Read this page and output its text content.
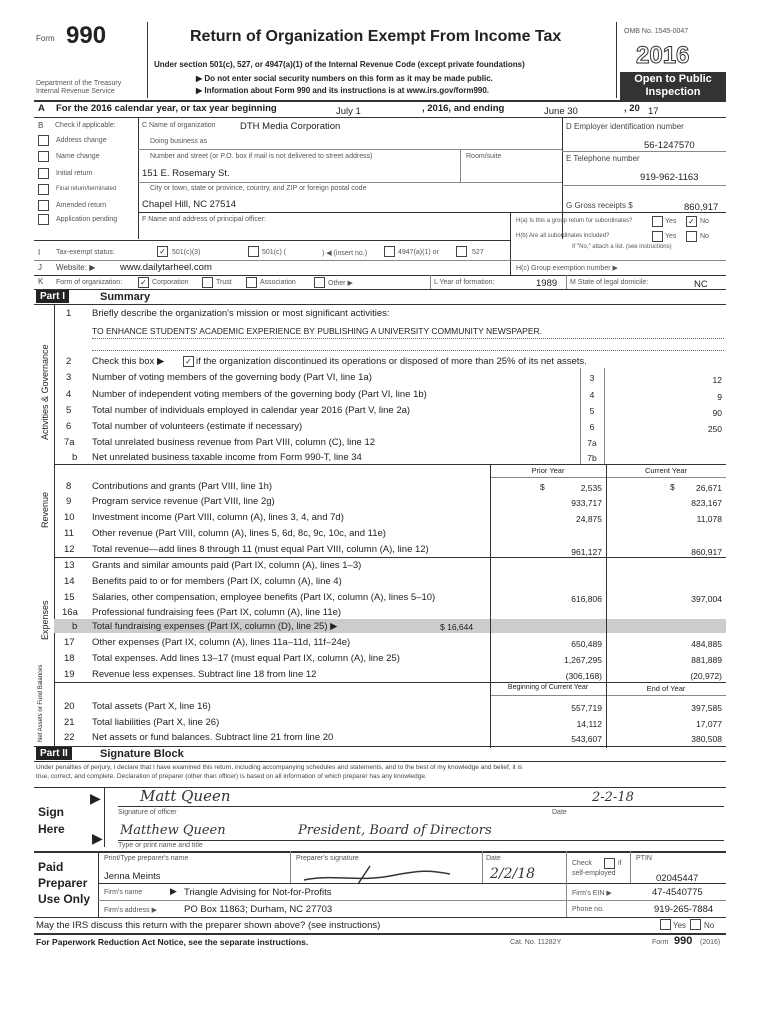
Form 990
Department of the Treasury
Internal Revenue Service
Return of Organization Exempt From Income Tax
Under section 501(c), 527, or 4947(a)(1) of the Internal Revenue Code (except private foundations)
▶ Do not enter social security numbers on this form as it may be made public.
▶ Information about Form 990 and its instructions is at www.irs.gov/form990.
OMB No. 1545-0047
2016
Open to Public
Inspection
A For the 2016 calendar year, or tax year beginning	July 1	, 2016, and ending	June 30	, 20 17
B Check if applicable:
Address change
Name change
Initial return
Final return/terminated
Amended return
Application pending
C Name of organization	DTH Media Corporation
Doing business as
Number and street (or P.O. box if mail is not delivered to street address)	Room/suite
151 E. Rosemary St.
City or town, state or province, country, and ZIP or foreign postal code
Chapel Hill, NC 27514
F Name and address of principal officer:
D Employer identification number
56-1247570
E Telephone number
919-962-1163
G Gross receipts $	860,917
H(a) Is this a group return for subordinates?	Yes ✓ No
H(b) Are all subordinates included?	Yes	No
If "No," attach a list. (see instructions)
I Tax-exempt status:	✓ 501(c)(3)	501(c) (	) ◀ (insert no.)	4947(a)(1) or	527
J Website: ▶	www.dailytarheel.com	H(c) Group exemption number ▶
K Form of organization: ✓ Corporation	Trust	Association	Other ▶	L Year of formation:	1989 M State of legal domicile:	NC
Part I	Summary
Activities & Governance
Revenue
Expenses
Net Assets or Fund Balances
1 Briefly describe the organization's mission or most significant activities:
TO ENHANCE STUDENTS' ACADEMIC EXPERIENCE BY PUBLISHING A UNIVERSITY COMMUNITY NEWSPAPER.
2 Check this box ▶	✓ if the organization discontinued its operations or disposed of more than 25% of its net assets.
3 Number of voting members of the governing body (Part VI, line 1a)	3	12
4 Number of independent voting members of the governing body (Part VI, line 1b)	4	9
5 Total number of individuals employed in calendar year 2016 (Part V, line 2a)	5	90
6 Total number of volunteers (estimate if necessary)	6	250
7a Total unrelated business revenue from Part VIII, column (C), line 12	7a
b Net unrelated business taxable income from Form 990-T, line 34	7b
Prior Year	Current Year
8 Contributions and grants (Part VIII, line 1h)	$	2,535	$	26,671
9 Program service revenue (Part VIII, line 2g)	933,717	823,167
10 Investment income (Part VIII, column (A), lines 3, 4, and 7d)	24,875	11,078
11 Other revenue (Part VIII, column (A), lines 5, 6d, 8c, 9c, 10c, and 11e)
12 Total revenue—add lines 8 through 11 (must equal Part VIII, column (A), line 12)	961,127	860,917
13 Grants and similar amounts paid (Part IX, column (A), lines 1–3)
14 Benefits paid to or for members (Part IX, column (A), line 4)
15 Salaries, other compensation, employee benefits (Part IX, column (A), lines 5–10)	616,806	397,004
16a Professional fundraising fees (Part IX, column (A), line 11e)
b Total fundraising expenses (Part IX, column (D), line 25) ▶	$ 16,644
17 Other expenses (Part IX, column (A), lines 11a–11d, 11f–24e)	650,489	484,885
18 Total expenses. Add lines 13–17 (must equal Part IX, column (A), line 25)	1,267,295	881,889
19 Revenue less expenses. Subtract line 18 from line 12	(306,168)	(20,972)
Beginning of Current Year	End of Year
20 Total assets (Part X, line 16)	557,719	397,585
21 Total liabilities (Part X, line 26)	14,112	17,077
22 Net assets or fund balances. Subtract line 21 from line 20	543,607	380,508
Part II	Signature Block
Under penalties of perjury, I declare that I have examined this return, including accompanying schedules and statements, and to the best of my knowledge and belief, it is
true, correct, and complete. Declaration of preparer (other than officer) is based on all information of which preparer has any knowledge.
Sign
Here
▶
▶
Matt Queen	2-2-18
Signature of officer	Date
Matthew Queen	President, Board of Directors
Type or print name and title
Paid
Preparer
Use Only
Print/Type preparer's name	Preparer's signature	Date
Check	if
self-employed
PTIN
Jenna Meints	2/2/18	02045447
Firm's name	▶ Triangle Advising for Not-for-Profits	Firm's EIN ▶	47-4540775
Firm's address ▶	PO Box 11863; Durham, NC 27703	Phone no.	919-265-7884
May the IRS discuss this return with the preparer shown above? (see instructions)	Yes No
For Paperwork Reduction Act Notice, see the separate instructions.	Cat. No. 11282Y	Form 990 (2016)
